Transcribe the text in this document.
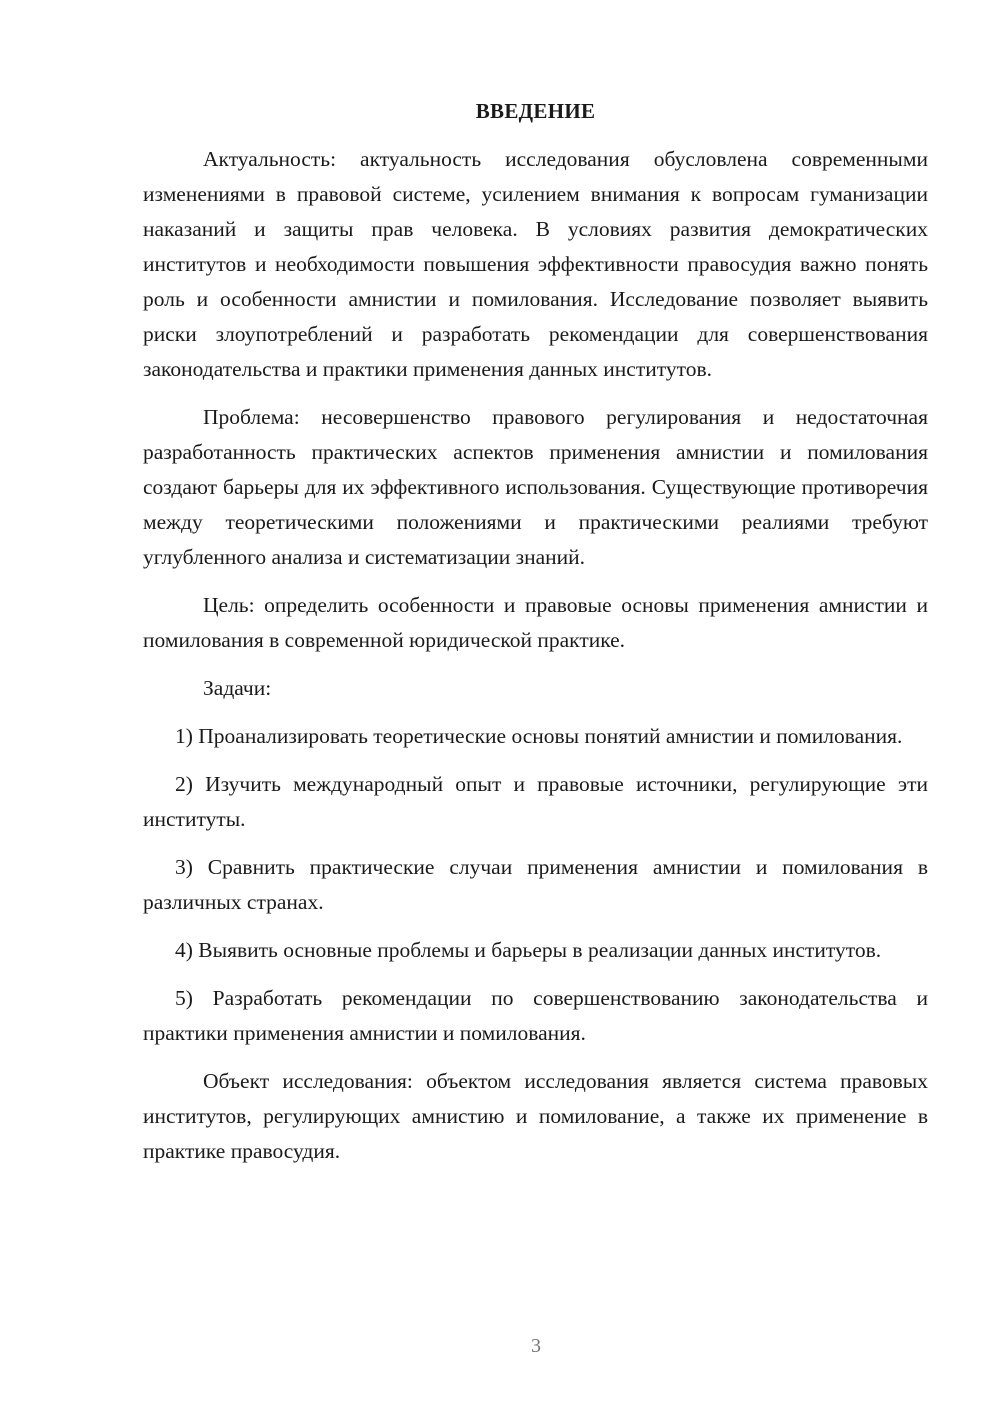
ВВЕДЕНИЕ

Актуальность: актуальность исследования обусловлена современными изменениями в правовой системе, усилением внимания к вопросам гуманизации наказаний и защиты прав человека. В условиях развития демократических институтов и необходимости повышения эффективности правосудия важно понять роль и особенности амнистии и помилования. Исследование позволяет выявить риски злоупотреблений и разработать рекомендации для совершенствования законодательства и практики применения данных институтов.

Проблема: несовершенство правового регулирования и недостаточная разработанность практических аспектов применения амнистии и помилования создают барьеры для их эффективного использования. Существующие противоречия между теоретическими положениями и практическими реалиями требуют углубленного анализа и систематизации знаний.

Цель: определить особенности и правовые основы применения амнистии и помилования в современной юридической практике.

Задачи:

1) Проанализировать теоретические основы понятий амнистии и помилования.

2) Изучить международный опыт и правовые источники, регулирующие эти институты.

3) Сравнить практические случаи применения амнистии и помилования в различных странах.

4) Выявить основные проблемы и барьеры в реализации данных институтов.

5) Разработать рекомендации по совершенствованию законодательства и практики применения амнистии и помилования.

Объект исследования: объектом исследования является система правовых институтов, регулирующих амнистию и помилование, а также их применение в практике правосудия.

3
